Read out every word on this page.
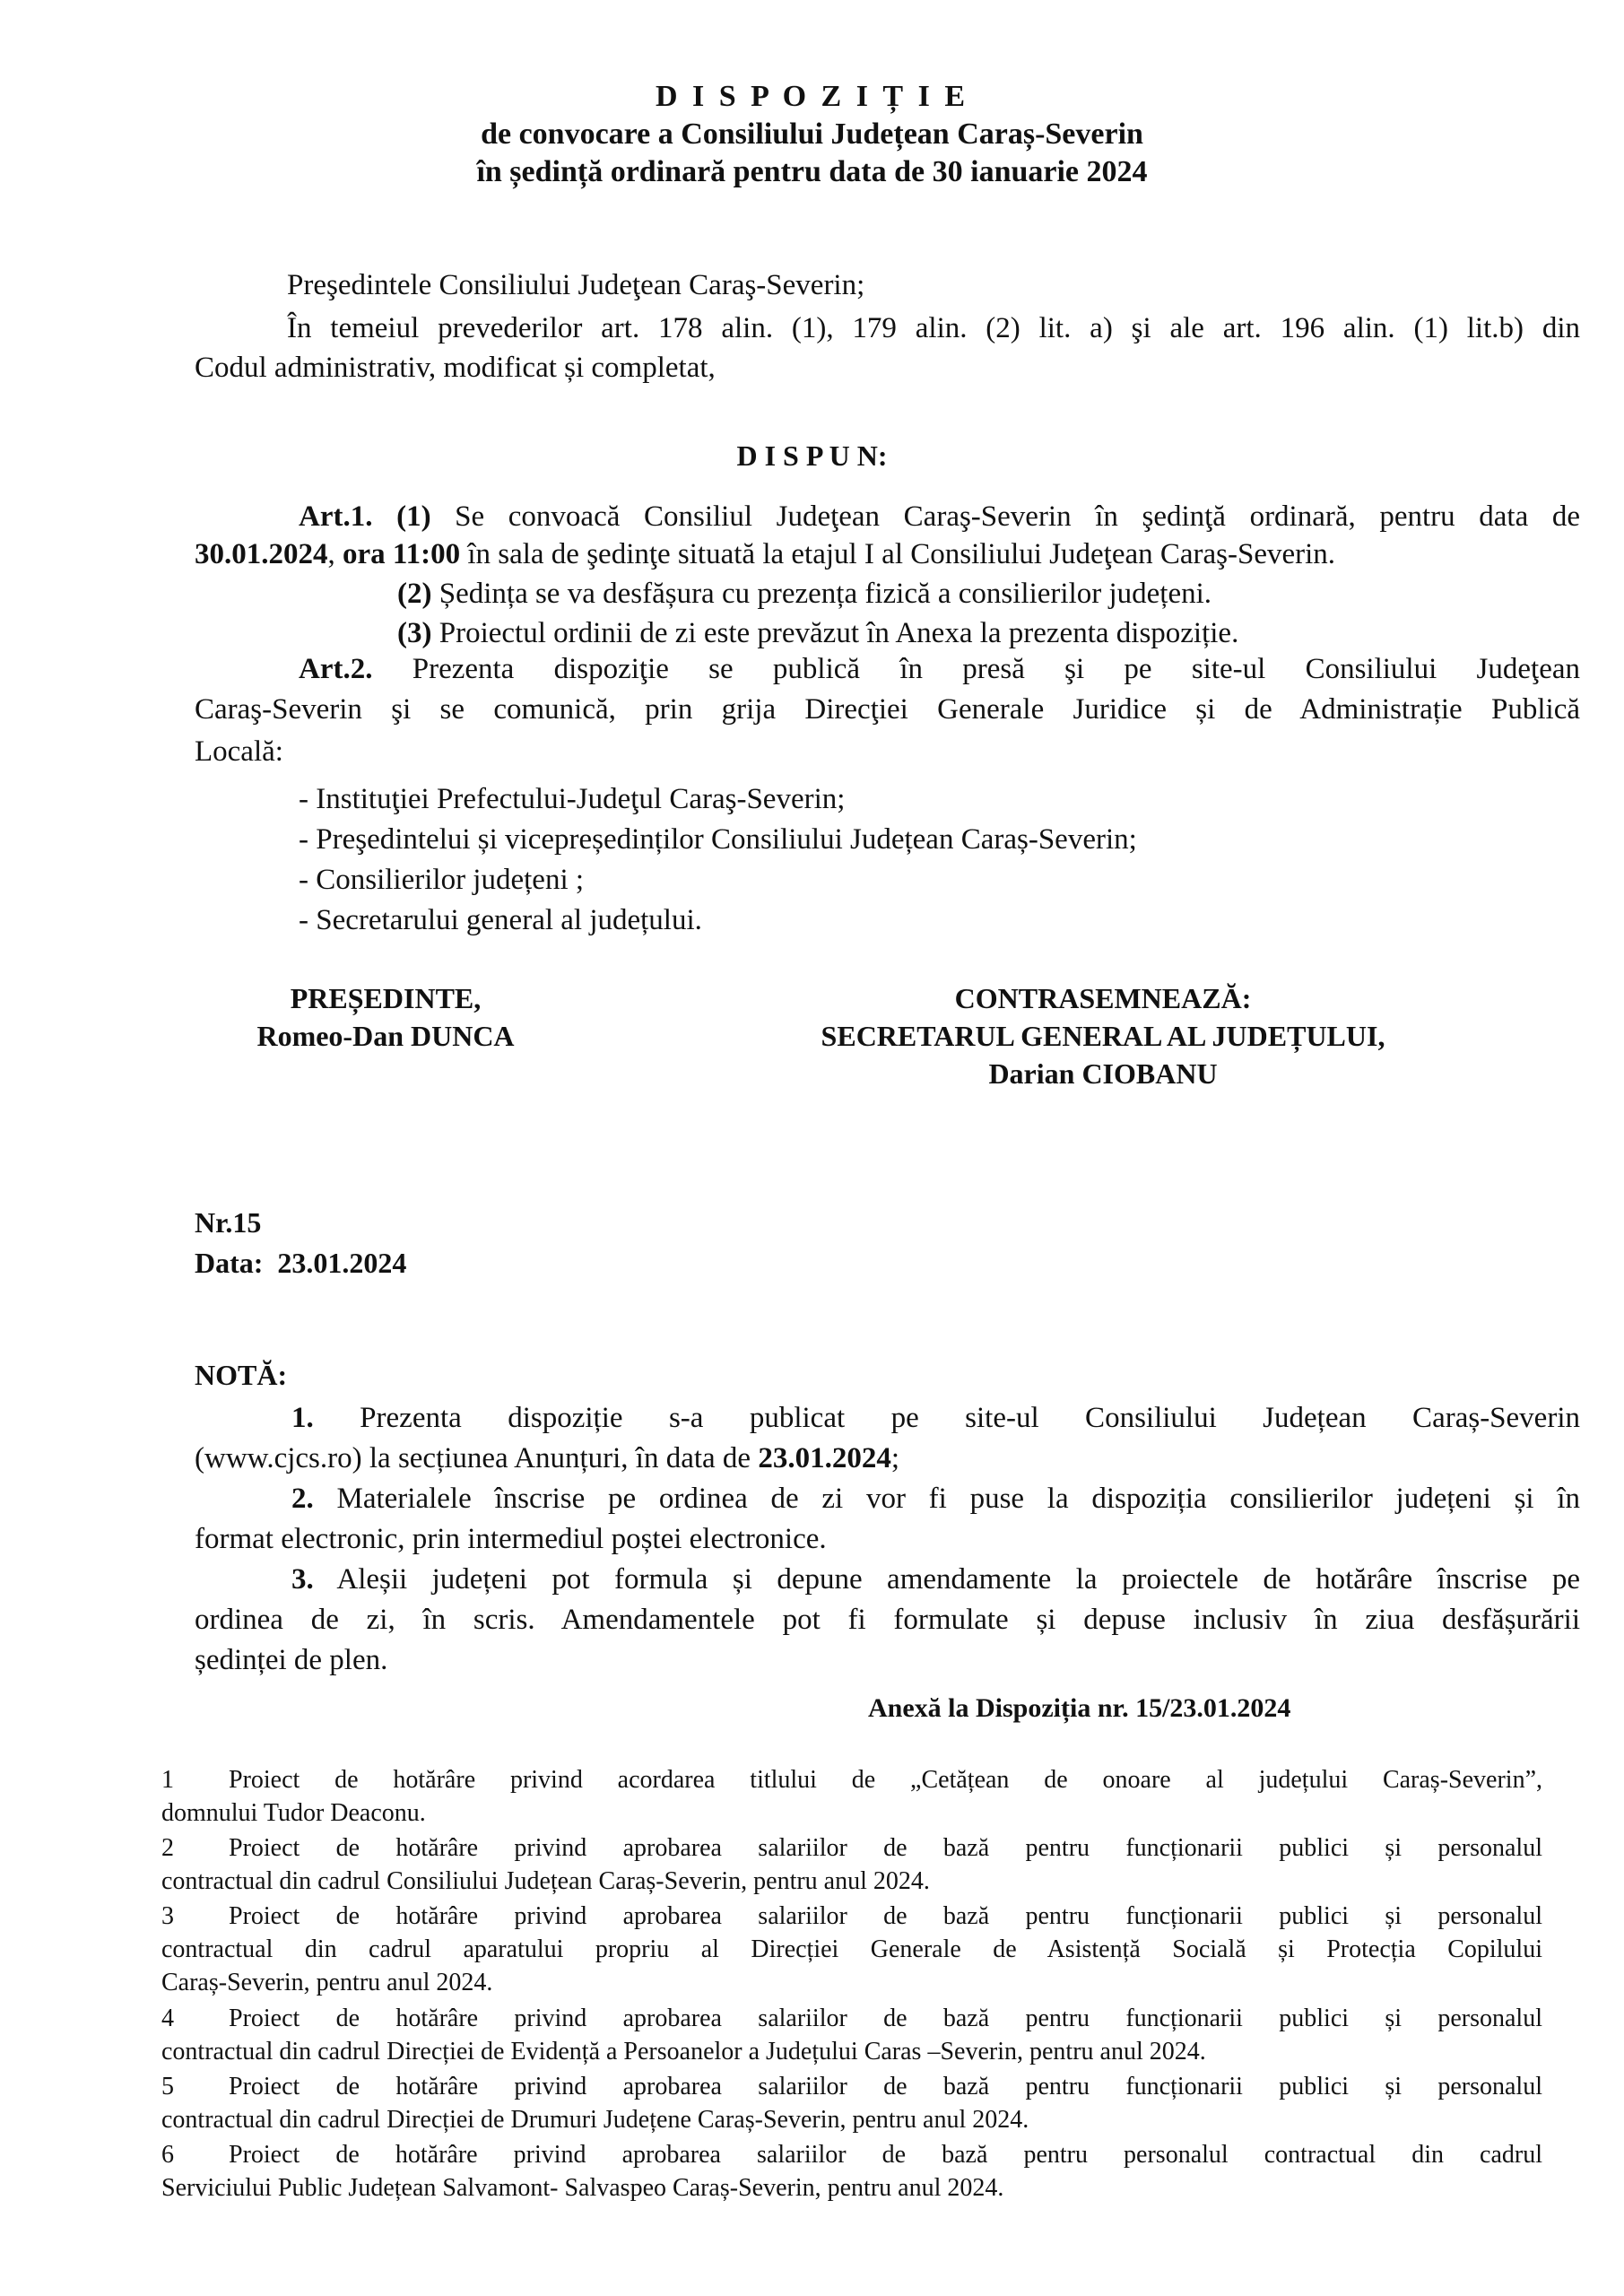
D I S P O Z I Ț I E
de convocare a Consiliului Județean Caraș-Severin
în ședință ordinară pentru data de 30 ianuarie 2024
Preşedintele Consiliului Judeţean Caraş-Severin;
În temeiul prevederilor art. 178 alin. (1), 179 alin. (2) lit. a) şi ale art. 196 alin. (1) lit.b) din
Codul administrativ, modificat și completat,
D I S P U N:
Art.1. (1) Se convoacă Consiliul Judeţean Caraş-Severin în şedinţă ordinară, pentru data de
30.01.2024, ora 11:00 în sala de şedinţe situată la etajul I al Consiliului Judeţean Caraş-Severin.
(2) Ședința se va desfășura cu prezența fizică a consilierilor județeni.
(3) Proiectul ordinii de zi este prevăzut în Anexa la prezenta dispoziție.
Art.2. Prezenta dispoziţie se publică în presă şi pe site-ul Consiliului Judeţean
Caraş-Severin şi se comunică, prin grija Direcţiei Generale Juridice și de Administrație Publică
Locală:
- Instituţiei Prefectului-Judeţul Caraş-Severin;
- Preşedintelui și vicepreședinților Consiliului Județean Caraș-Severin;
- Consilierilor județeni ;
- Secretarului general al județului.
PREȘEDINTE,
Romeo-Dan DUNCA
CONTRASEMNEAZĂ:
SECRETARUL GENERAL AL JUDEȚULUI,
Darian CIOBANU
Nr.15
Data: 23.01.2024
NOTĂ:
1. Prezenta dispoziție s-a publicat pe site-ul Consiliului Județean Caraș-Severin
(www.cjcs.ro) la secțiunea Anunțuri, în data de 23.01.2024;
2. Materialele înscrise pe ordinea de zi vor fi puse la dispoziția consilierilor județeni și în
format electronic, prin intermediul poștei electronice.
3. Aleșii județeni pot formula și depune amendamente la proiectele de hotărâre înscrise pe
ordinea de zi, în scris. Amendamentele pot fi formulate și depuse inclusiv în ziua desfășurării
ședinței de plen.
Anexă la Dispoziția nr. 15/23.01.2024
1 Proiect de hotărâre privind acordarea titlului de „Cetățean de onoare al județului Caraș-Severin”,
domnului Tudor Deaconu.
2 Proiect de hotărâre privind aprobarea salariilor de bază pentru funcționarii publici și personalul
contractual din cadrul Consiliului Județean Caraș-Severin, pentru anul 2024.
3 Proiect de hotărâre privind aprobarea salariilor de bază pentru funcționarii publici și personalul
contractual din cadrul aparatului propriu al Direcției Generale de Asistență Socială și Protecția Copilului
Caraș-Severin, pentru anul 2024.
4 Proiect de hotărâre privind aprobarea salariilor de bază pentru funcționarii publici și personalul
contractual din cadrul Direcției de Evidență a Persoanelor a Județului Caras –Severin, pentru anul 2024.
5 Proiect de hotărâre privind aprobarea salariilor de bază pentru funcționarii publici și personalul
contractual din cadrul Direcției de Drumuri Județene Caraș-Severin, pentru anul 2024.
6 Proiect de hotărâre privind aprobarea salariilor de bază pentru personalul contractual din cadrul
Serviciului Public Județean Salvamont- Salvaspeo Caraș-Severin, pentru anul 2024.
